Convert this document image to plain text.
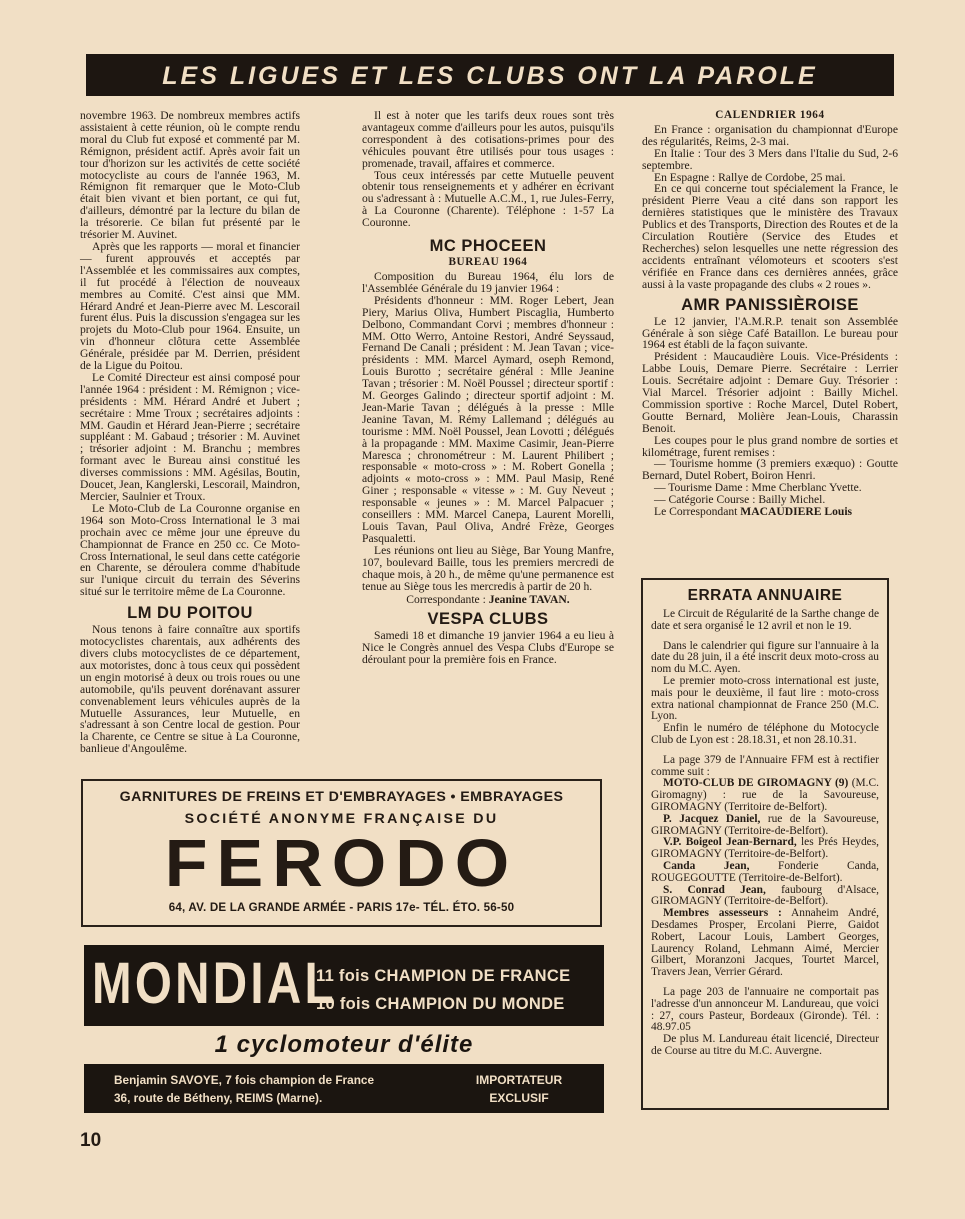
LES LIGUES ET LES CLUBS ONT LA PAROLE

novembre 1963. De nombreux membres actifs assistaient à cette réunion, où le compte rendu moral du Club fut exposé et commenté par M. Rémignon, président actif. Après avoir fait un tour d'horizon sur les activités de cette société motocycliste au cours de l'année 1963, M. Rémignon fit remarquer que le Moto-Club était bien vivant et bien portant, ce qui fut, d'ailleurs, démontré par la lecture du bilan de la trésorerie. Ce bilan fut présenté par le trésorier M. Auvinet.

Après que les rapports — moral et financier — furent approuvés et acceptés par l'Assemblée et les commissaires aux comptes, il fut procédé à l'élection de nouveaux membres au Comité. C'est ainsi que MM. Hérard André et Jean-Pierre avec M. Lescorail furent élus. Puis la discussion s'engagea sur les projets du Moto-Club pour 1964. Ensuite, un vin d'honneur clôtura cette Assemblée Générale, présidée par M. Derrien, président de la Ligue du Poitou.

Le Comité Directeur est ainsi composé pour l'année 1964 : président : M. Rémignon ; vice-présidents : MM. Hérard André et Jubert ; secrétaire : Mme Troux ; secrétaires adjoints : MM. Gaudin et Hérard Jean-Pierre ; secrétaire suppléant : M. Gabaud ; trésorier : M. Auvinet ; trésorier adjoint : M. Branchu ; membres formant avec le Bureau ainsi constitué les diverses commissions : MM. Agésilas, Boutin, Doucet, Jean, Kanglerski, Lescorail, Maindron, Mercier, Saulnier et Troux.

Le Moto-Club de La Couronne organise en 1964 son Moto-Cross International le 3 mai prochain avec ce même jour une épreuve du Championnat de France en 250 cc. Ce Moto-Cross International, le seul dans cette catégorie en Charente, se déroulera comme d'habitude sur l'unique circuit du terrain des Séverins situé sur le territoire même de La Couronne.

LM DU POITOU

Nous tenons à faire connaître aux sportifs motocyclistes charentais, aux adhérents des divers clubs motocyclistes de ce département, aux motoristes, donc à tous ceux qui possèdent un engin motorisé à deux ou trois roues ou une automobile, qu'ils peuvent dorénavant assurer convenablement leurs véhicules auprès de la Mutuelle Assurances, leur Mutuelle, en s'adressant à son Centre local de gestion. Pour la Charente, ce Centre se situe à La Couronne, banlieue d'Angoulême.

Il est à noter que les tarifs deux roues sont très avantageux comme d'ailleurs pour les autos, puisqu'ils correspondent à des cotisations-primes pour des véhicules pouvant être utilisés pour tous usages : promenade, travail, affaires et commerce.

Tous ceux intéressés par cette Mutuelle peuvent obtenir tous renseignements et y adhérer en écrivant ou s'adressant à : Mutuelle A.C.M., 1, rue Jules-Ferry, à La Couronne (Charente). Téléphone : 1-57 La Couronne.

MC PHOCEEN
BUREAU 1964

Composition du Bureau 1964, élu lors de l'Assemblée Générale du 19 janvier 1964 :

Présidents d'honneur : MM. Roger Lebert, Jean Piery, Marius Oliva, Humbert Piscaglia, Humberto Delbono, Commandant Corvi ; membres d'honneur : MM. Otto Werro, Antoine Restori, André Seyssaud, Fernand De Canali ; président : M. Jean Tavan ; vice-présidents : MM. Marcel Aymard, oseph Remond, Louis Burotto ; secrétaire général : Mlle Jeanine Tavan ; trésorier : M. Noël Poussel ; directeur sportif : M. Georges Galindo ; directeur sportif adjoint : M. Jean-Marie Tavan ; délégués à la presse : Mlle Jeanine Tavan, M. Rémy Lallemand ; délégués au tourisme : MM. Noël Poussel, Jean Lovotti ; délégués à la propagande : MM. Maxime Casimir, Jean-Pierre Maresca ; chronométreur : M. Laurent Philibert ; responsable « moto-cross » : M. Robert Gonella ; adjoints « moto-cross » : MM. Paul Masip, René Giner ; responsable « vitesse » : M. Guy Neveut ; responsable « jeunes » : M. Marcel Palpacuer ; conseillers : MM. Marcel Canepa, Laurent Morelli, Louis Tavan, Paul Oliva, André Frèze, Georges Pasqualetti.

Les réunions ont lieu au Siège, Bar Young Manfre, 107, boulevard Baille, tous les premiers mercredi de chaque mois, à 20 h., de même qu'une permanence est tenue au Siège tous les mercredis à partir de 20 h.

Correspondante : Jeanine TAVAN.

VESPA CLUBS

Samedi 18 et dimanche 19 janvier 1964 a eu lieu à Nice le Congrès annuel des Vespa Clubs d'Europe se déroulant pour la première fois en France.

CALENDRIER 1964

En France : organisation du championnat d'Europe des régularités, Reims, 2-3 mai.

En Italie : Tour des 3 Mers dans l'Italie du Sud, 2-6 septembre.

En Espagne : Rallye de Cordobe, 25 mai.

En ce qui concerne tout spécialement la France, le président Pierre Veau a cité dans son rapport les dernières statistiques que le ministère des Travaux Publics et des Transports, Direction des Routes et de la Circulation Routière (Service des Etudes et Recherches) selon lesquelles une nette régression des accidents entraînant vélomoteurs et scooters s'est vérifiée en France dans ces dernières années, grâce aussi à la vaste propagande des clubs « 2 roues ».

AMR PANISSIÈROISE

Le 12 janvier, l'A.M.R.P. tenait son Assemblée Générale à son siège Café Bataillon. Le bureau pour 1964 est établi de la façon suivante.

Président : Maucaudière Louis. Vice-Présidents : Labbe Louis, Demare Pierre. Secrétaire : Lerrier Louis. Secrétaire adjoint : Demare Guy. Trésorier : Vial Marcel. Trésorier adjoint : Bailly Michel. Commission sportive : Roche Marcel, Dutel Robert, Goutte Bernard, Molière Jean-Louis, Charassin Benoit.

Les coupes pour le plus grand nombre de sorties et kilométrage, furent remises :

— Tourisme homme (3 premiers exæquo) : Goutte Bernard, Dutel Robert, Boiron Henri.

— Tourisme Dame : Mme Cherblanc Yvette.

— Catégorie Course : Bailly Michel.

Le Correspondant MACAUDIERE Louis

ERRATA ANNUAIRE

Le Circuit de Régularité de la Sarthe change de date et sera organisé le 12 avril et non le 19.

Dans le calendrier qui figure sur l'annuaire à la date du 28 juin, il a été inscrit deux moto-cross au nom du M.C. Ayen.

Le premier moto-cross international est juste, mais pour le deuxième, il faut lire : moto-cross extra national championnat de France 250 (M.C. Lyon.

Enfin le numéro de téléphone du Motocycle Club de Lyon est : 28.18.31, et non 28.10.31.

La page 379 de l'Annuaire FFM est à rectifier comme suit :

MOTO-CLUB DE GIROMAGNY (9) (M.C. Giromagny) : rue de la Savoureuse, GIROMAGNY (Territoire de-Belfort).

P. Jacquez Daniel, rue de la Savoureuse, GIROMAGNY (Territoire-de-Belfort).

V.P. Boigeol Jean-Bernard, les Prés Heydes, GIROMAGNY (Territoire-de-Belfort).

Canda Jean,	Fonderie Canda, ROUGEGOUTTE (Territoire-de-Belfort).

S. Conrad Jean, faubourg d'Alsace, GIROMAGNY (Territoire-de-Belfort).

Membres assesseurs : Annaheim André, Desdames Prosper, Ercolani Pierre, Gaidot Robert, Lacour Louis, Lambert Georges, Laurency Roland, Lehmann Aimé, Mercier Gilbert, Moranzoni Jacques, Tourtet Marcel, Travers Jean, Verrier Gérard.

La page 203 de l'annuaire ne comportait pas l'adresse d'un annonceur M. Landureau, que voici : 27, cours Pasteur, Bordeaux (Gironde). Tél. : 48.97.05

De plus M. Landureau était licencié, Directeur de Course au titre du M.C. Auvergne.

GARNITURES DE FREINS ET D'EMBRAYAGES • EMBRAYAGES
SOCIÉTÉ ANONYME FRANÇAISE DU
FERODO
64, AV. DE LA GRANDE ARMÉE - PARIS 17e- TÉL. ÉTO. 56-50
MONDIAL
11 fois CHAMPION DE FRANCE
10 fois CHAMPION DU MONDE
1 cyclomoteur d'élite
Benjamin SAVOYE, 7 fois champion de France
36, route de Bétheny, REIMS (Marne).
IMPORTATEUR
EXCLUSIF
10
